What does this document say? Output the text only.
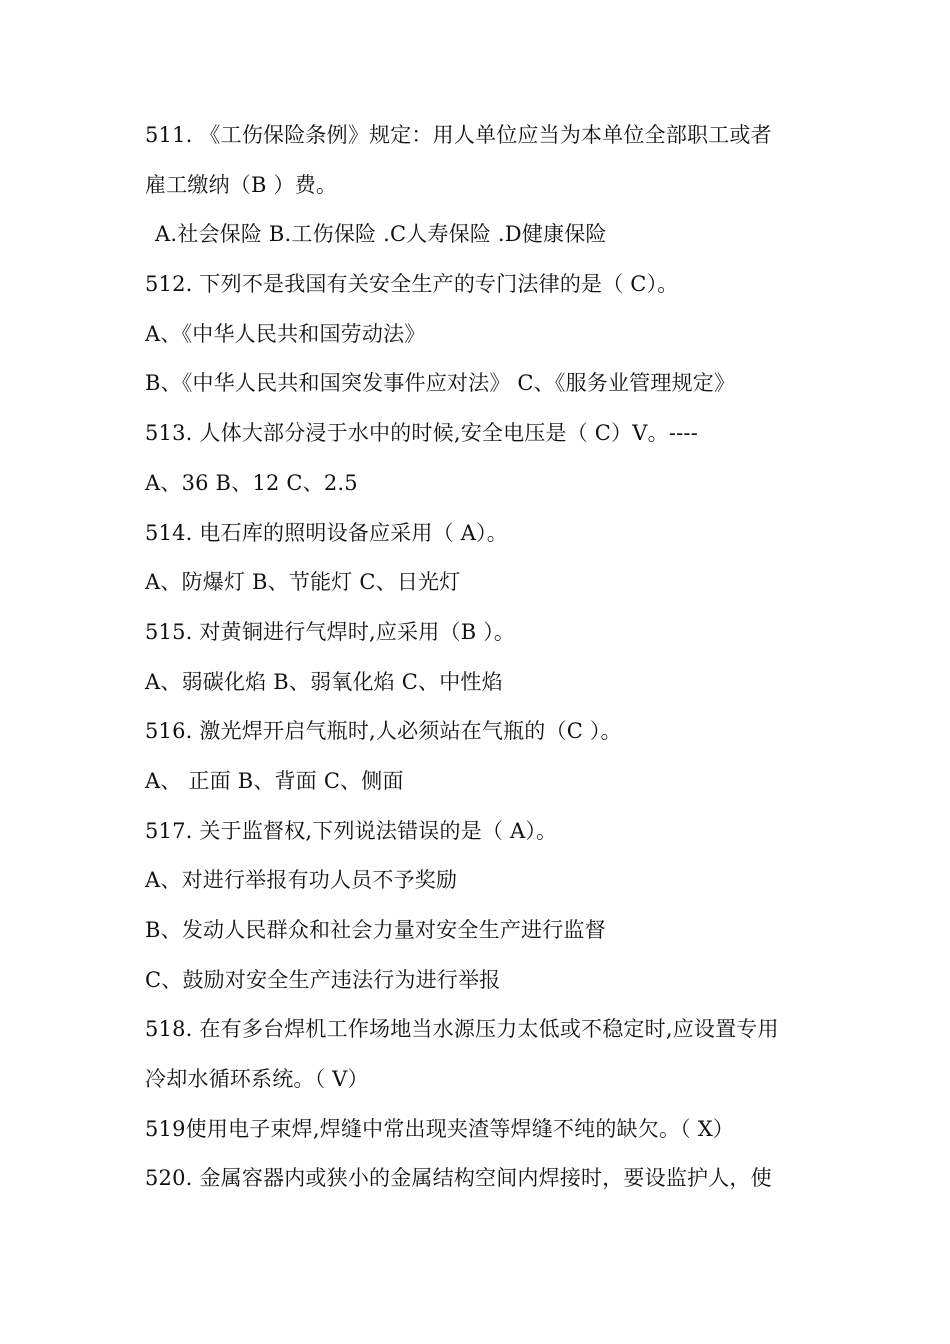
511. 《工伤保险条例》规定：用人单位应当为本单位全部职工或者
雇工缴纳（B ）费。
A.社会保险 B.工伤保险 .C人寿保险 .D健康保险
512. 下列不是我国有关安全生产的专门法律的是（ C）。
A、《中华人民共和国劳动法》
B、《中华人民共和国突发事件应对法》 C、《服务业管理规定》
513. 人体大部分浸于水中的时候,安全电压是（ C）V。----
A、36 B、12 C、2.5
514. 电石库的照明设备应采用（ A）。
A、防爆灯 B、节能灯 C、日光灯
515. 对黄铜进行气焊时,应采用（B ）。
A、弱碳化焰 B、弱氧化焰 C、中性焰
516. 激光焊开启气瓶时,人必须站在气瓶的（C ）。
A、 正面 B、背面 C、侧面
517. 关于监督权,下列说法错误的是（ A）。
A、对进行举报有功人员不予奖励
B、发动人民群众和社会力量对安全生产进行监督
C、鼓励对安全生产违法行为进行举报
518. 在有多台焊机工作场地当水源压力太低或不稳定时,应设置专用
冷却水循环系统。（ V）
519使用电子束焊,焊缝中常出现夹渣等焊缝不纯的缺欠。（ X）
520. 金属容器内或狭小的金属结构空间内焊接时，要设监护人，使
